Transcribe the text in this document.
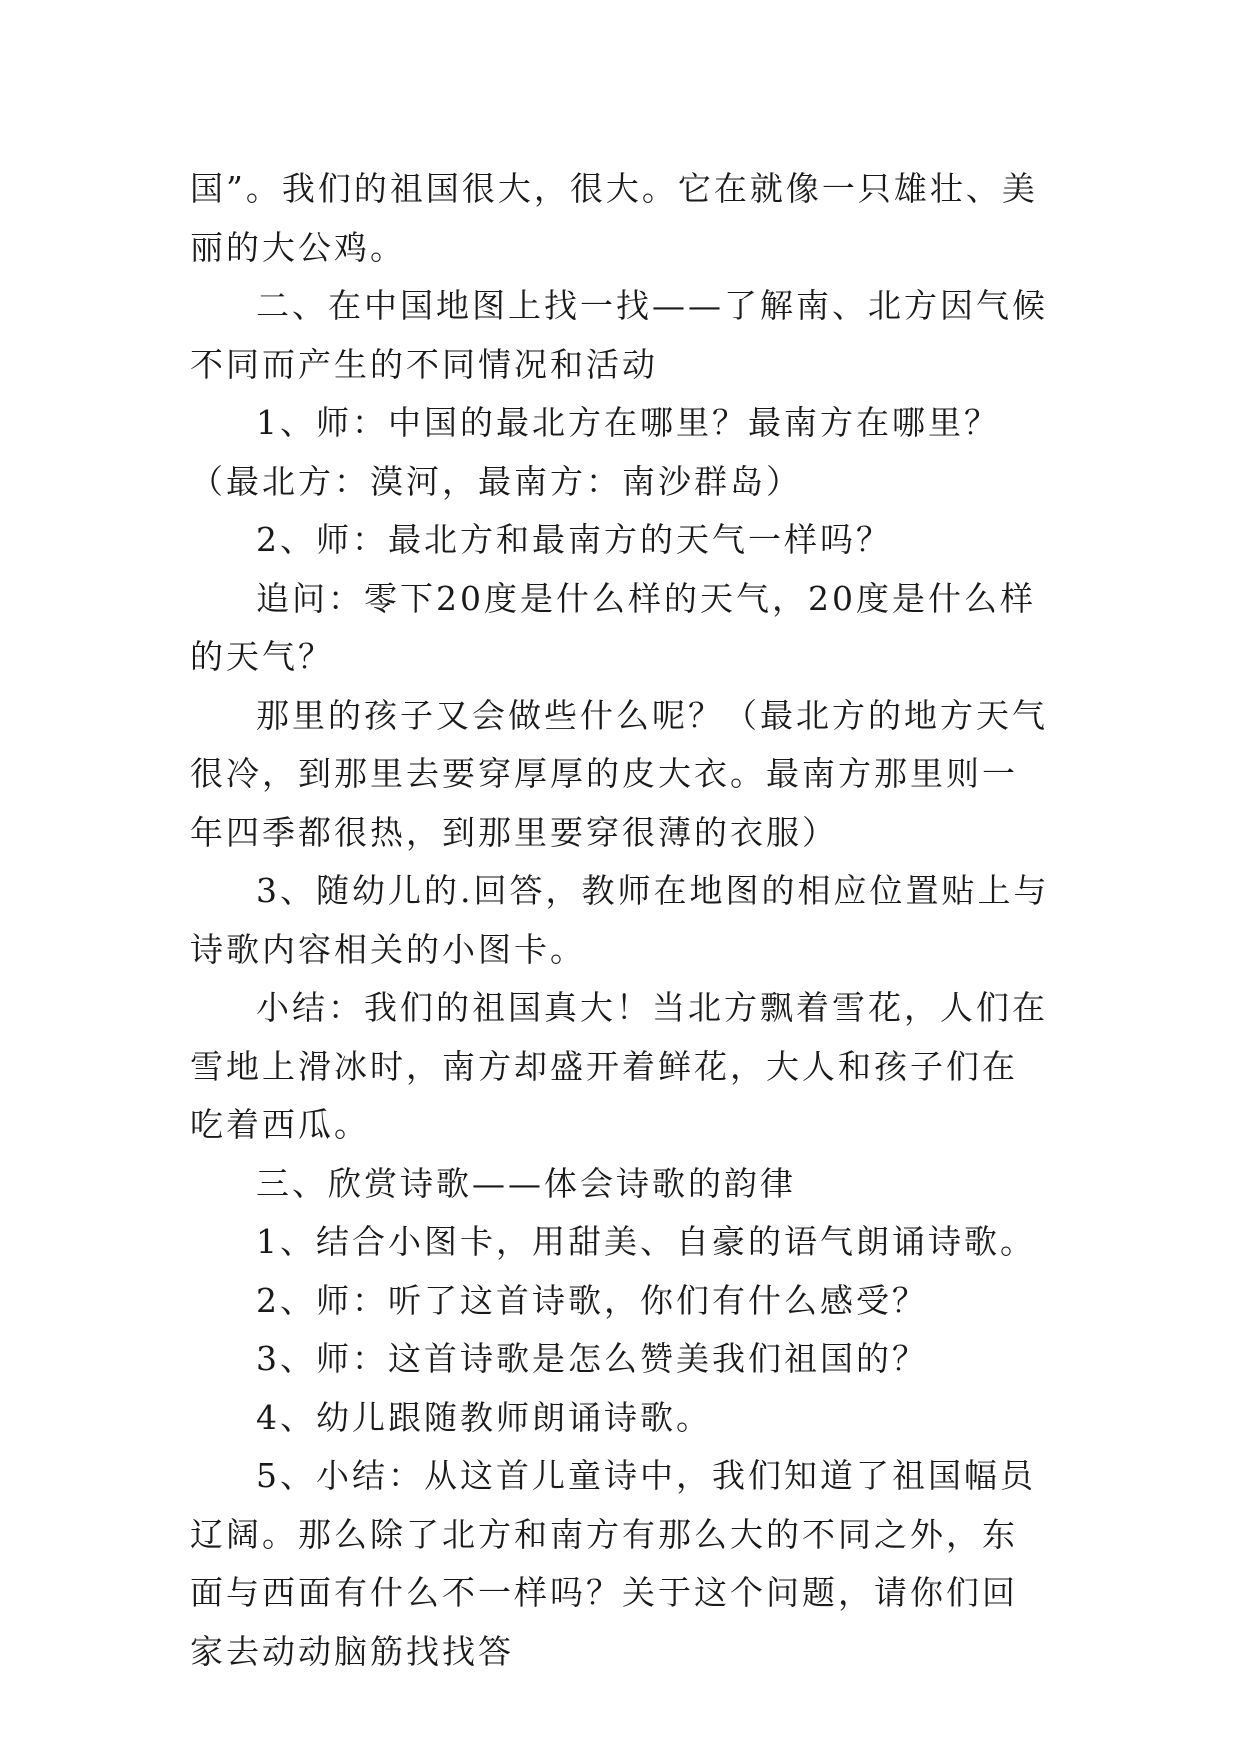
国”。我们的祖国很大，很大。它在就像一只雄壮、美丽的大公鸡。

二、在中国地图上找一找——了解南、北方因气候不同而产生的不同情况和活动

1、师：中国的最北方在哪里？最南方在哪里？（最北方：漠河，最南方：南沙群岛）

2、师：最北方和最南方的天气一样吗？

追问：零下20度是什么样的天气，20度是什么样的天气？

那里的孩子又会做些什么呢？（最北方的地方天气很冷，到那里去要穿厚厚的皮大衣。最南方那里则一年四季都很热，到那里要穿很薄的衣服）

3、随幼儿的.回答，教师在地图的相应位置贴上与诗歌内容相关的小图卡。

小结：我们的祖国真大！当北方飘着雪花，人们在雪地上滑冰时，南方却盛开着鲜花，大人和孩子们在吃着西瓜。

三、欣赏诗歌——体会诗歌的韵律

1、结合小图卡，用甜美、自豪的语气朗诵诗歌。

2、师：听了这首诗歌，你们有什么感受？

3、师：这首诗歌是怎么赞美我们祖国的？

4、幼儿跟随教师朗诵诗歌。

5、小结：从这首儿童诗中，我们知道了祖国幅员辽阔。那么除了北方和南方有那么大的不同之外，东面与西面有什么不一样吗？关于这个问题，请你们回家去动动脑筋找找答
